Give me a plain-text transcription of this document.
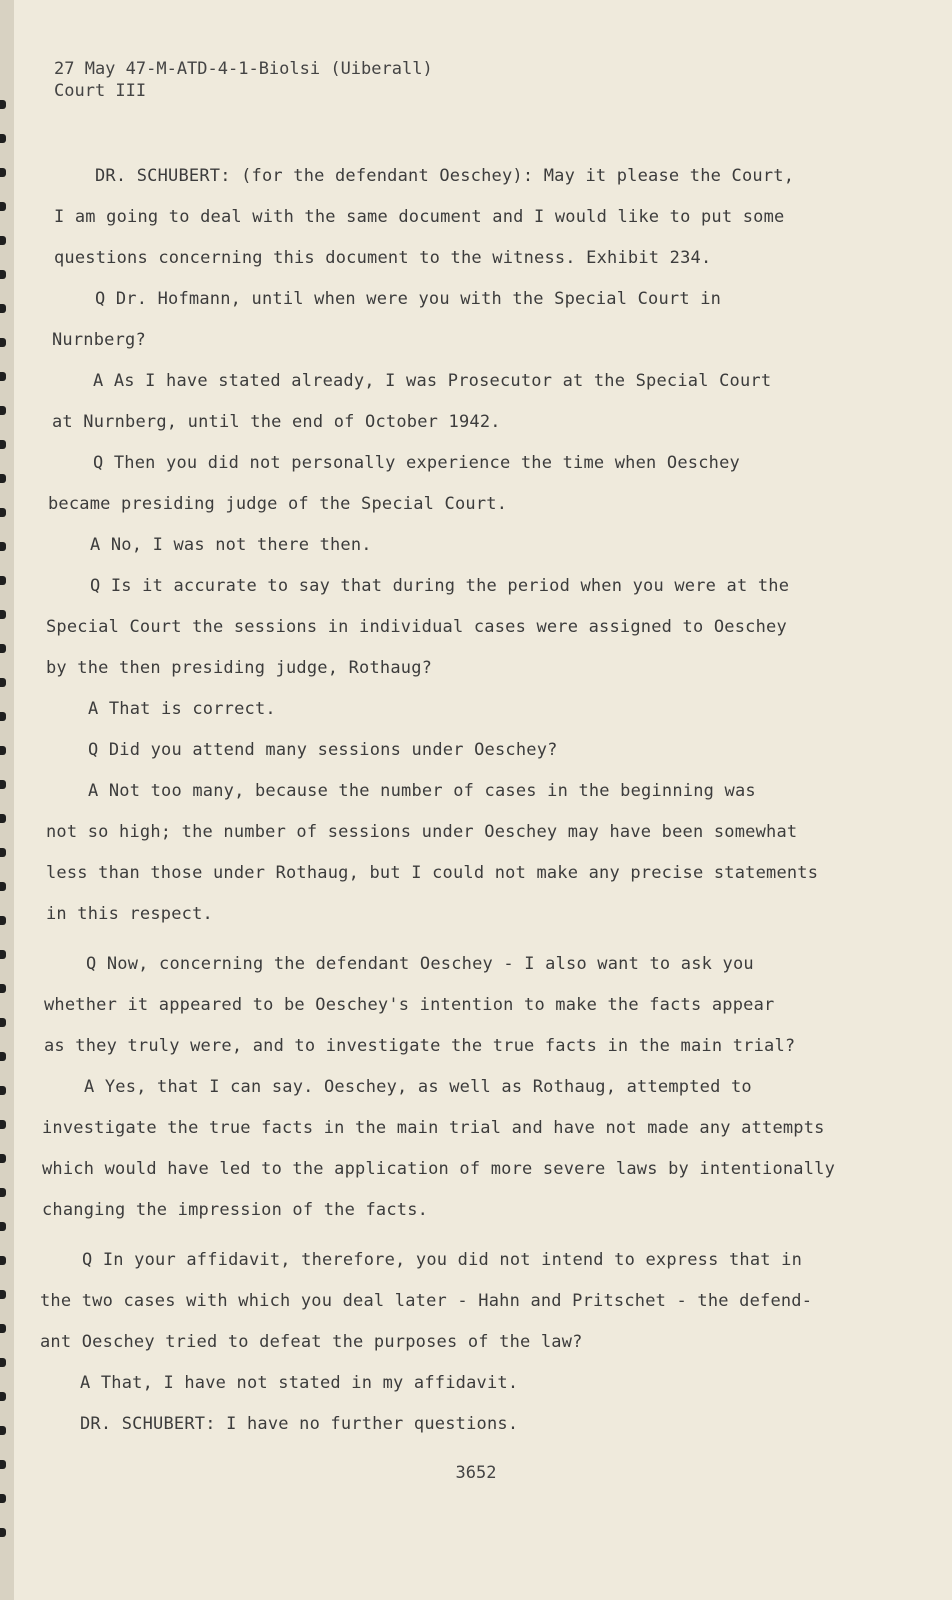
27 May 47-M-ATD-4-1-Biolsi (Uiberall)
Court III
DR. SCHUBERT: (for the defendant Oeschey): May it please the Court,
I am going to deal with the same document and I would like to put some
questions concerning this document to the witness. Exhibit 234.
Q Dr. Hofmann, until when were you with the Special Court in
Nurnberg?
A As I have stated already, I was Prosecutor at the Special Court
at Nurnberg, until the end of October 1942.
Q Then you did not personally experience the time when Oeschey
became presiding judge of the Special Court.
A No, I was not there then.
Q Is it accurate to say that during the period when you were at the
Special Court the sessions in individual cases were assigned to Oeschey
by the then presiding judge, Rothaug?
A That is correct.
Q Did you attend many sessions under Oeschey?
A Not too many, because the number of cases in the beginning was
not so high; the number of sessions under Oeschey may have been somewhat
less than those under Rothaug, but I could not make any precise statements
in this respect.
Q Now, concerning the defendant Oeschey - I also want to ask you
whether it appeared to be Oeschey's intention to make the facts appear
as they truly were, and to investigate the true facts in the main trial?
A Yes, that I can say. Oeschey, as well as Rothaug, attempted to
investigate the true facts in the main trial and have not made any attempts
which would have led to the application of more severe laws by intentionally
changing the impression of the facts.
Q In your affidavit, therefore, you did not intend to express that in
the two cases with which you deal later - Hahn and Pritschet - the defend-
ant Oeschey tried to defeat the purposes of the law?
A That, I have not stated in my affidavit.
DR. SCHUBERT: I have no further questions.
3652
